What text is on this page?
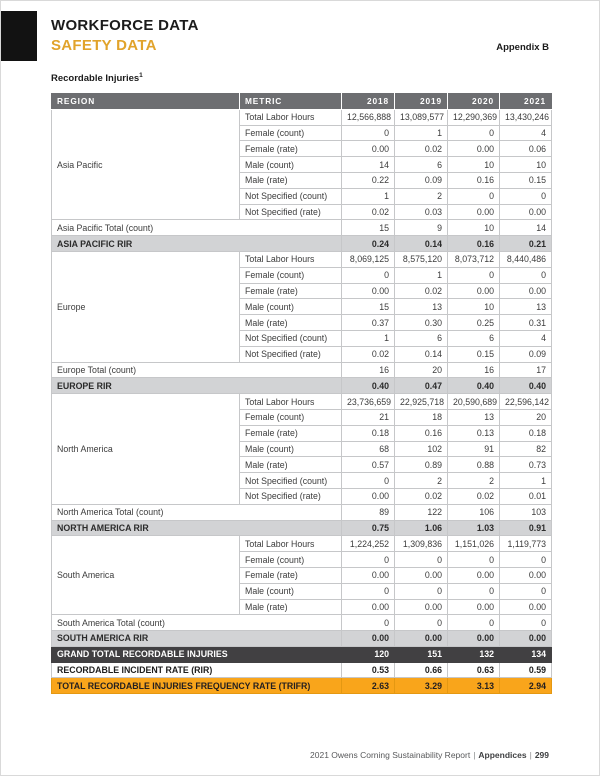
WORKFORCE DATA
SAFETY DATA	Appendix B
Recordable Injuries$^1$
REGION	METRIC	2018	2019	2020	2021
Asia Pacific	Total Labor Hours	12,566,888	13,089,577	12,290,369	13,430,246
	Female (count)	0	1	0	4
	Female (rate)	0.00	0.02	0.00	0.06
	Male (count)	14	6	10	10
	Male (rate)	0.22	0.09	0.16	0.15
	Not Specified (count)	1	2	0	0
	Not Specified (rate)	0.02	0.03	0.00	0.00
Asia Pacific Total (count)		15	9	10	14
ASIA PACIFIC RIR		0.24	0.14	0.16	0.21
Europe	Total Labor Hours	8,069,125	8,575,120	8,073,712	8,440,486
	Female (count)	0	1	0	0
	Female (rate)	0.00	0.02	0.00	0.00
	Male (count)	15	13	10	13
	Male (rate)	0.37	0.30	0.25	0.31
	Not Specified (count)	1	6	6	4
	Not Specified (rate)	0.02	0.14	0.15	0.09
Europe Total (count)		16	20	16	17
EUROPE RIR		0.40	0.47	0.40	0.40
North America	Total Labor Hours	23,736,659	22,925,718	20,590,689	22,596,142
	Female (count)	21	18	13	20
	Female (rate)	0.18	0.16	0.13	0.18
	Male (count)	68	102	91	82
	Male (rate)	0.57	0.89	0.88	0.73
	Not Specified (count)	0	2	2	1
	Not Specified (rate)	0.00	0.02	0.02	0.01
North America Total (count)		89	122	106	103
NORTH AMERICA RIR		0.75	1.06	1.03	0.91
South America	Total Labor Hours	1,224,252	1,309,836	1,151,026	1,119,773
	Female (count)	0	0	0	0
	Female (rate)	0.00	0.00	0.00	0.00
	Male (count)	0	0	0	0
	Male (rate)	0.00	0.00	0.00	0.00
South America Total (count)		0	0	0	0
SOUTH AMERICA RIR		0.00	0.00	0.00	0.00
GRAND TOTAL RECORDABLE INJURIES		120	151	132	134
RECORDABLE INCIDENT RATE (RIR)		0.53	0.66	0.63	0.59
TOTAL RECORDABLE INJURIES FREQUENCY RATE (TRIFR)		2.63	3.29	3.13	2.94
2021 Owens Corning Sustainability Report | Appendices | 299
